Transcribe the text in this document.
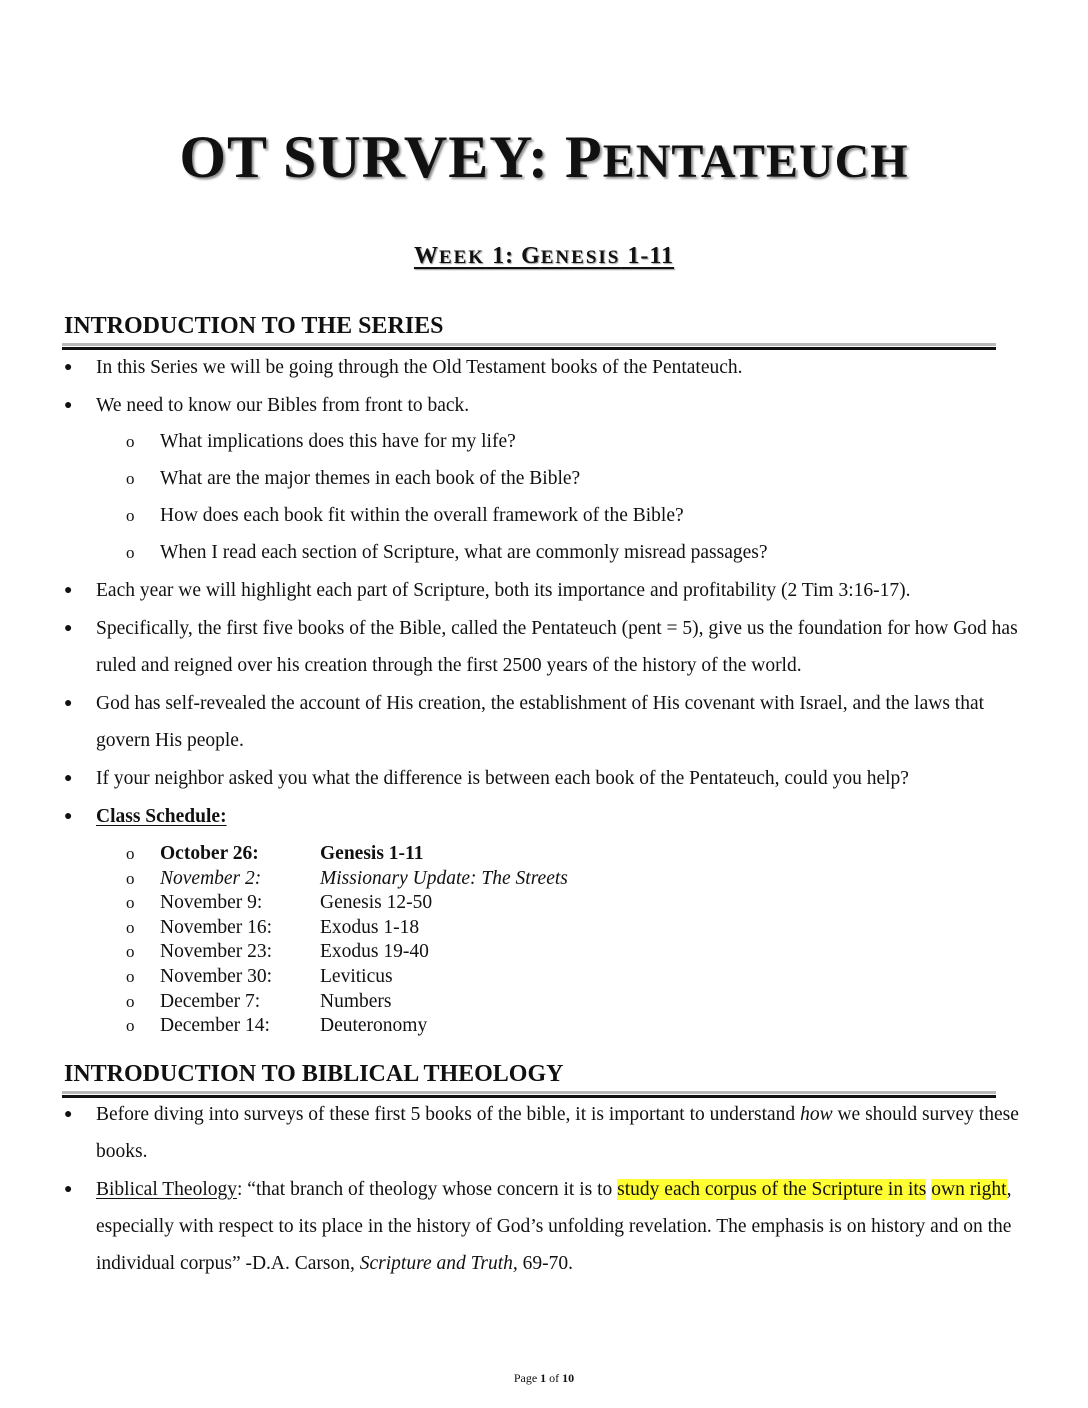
OT SURVEY: PENTATEUCH
WEEK 1: GENESIS 1-11
INTRODUCTION TO THE SERIES
● In this Series we will be going through the Old Testament books of the Pentateuch.
● We need to know our Bibles from front to back.
o What implications does this have for my life?
o What are the major themes in each book of the Bible?
o How does each book fit within the overall framework of the Bible?
o When I read each section of Scripture, what are commonly misread passages?
● Each year we will highlight each part of Scripture, both its importance and profitability (2 Tim 3:16-17).
● Specifically, the first five books of the Bible, called the Pentateuch (pent = 5), give us the foundation for how God has ruled and reigned over his creation through the first 2500 years of the history of the world.
● God has self-revealed the account of His creation, the establishment of His covenant with Israel, and the laws that govern His people.
● If your neighbor asked you what the difference is between each book of the Pentateuch, could you help?
● Class Schedule:
o October 26:	Genesis 1-11
o November 2:	Missionary Update: The Streets
o November 9:	Genesis 12-50
o November 16: Exodus 1-18
o November 23: Exodus 19-40
o November 30: Leviticus
o December 7:	Numbers
o December 14:	Deuteronomy
INTRODUCTION TO BIBLICAL THEOLOGY
● Before diving into surveys of these first 5 books of the bible, it is important to understand how we should survey these books.
● Biblical Theology: “that branch of theology whose concern it is to study each corpus of the Scripture in its own right, especially with respect to its place in the history of God’s unfolding revelation. The emphasis is on history and on the individual corpus” -D.A. Carson, Scripture and Truth, 69-70.
Page 1 of 10
